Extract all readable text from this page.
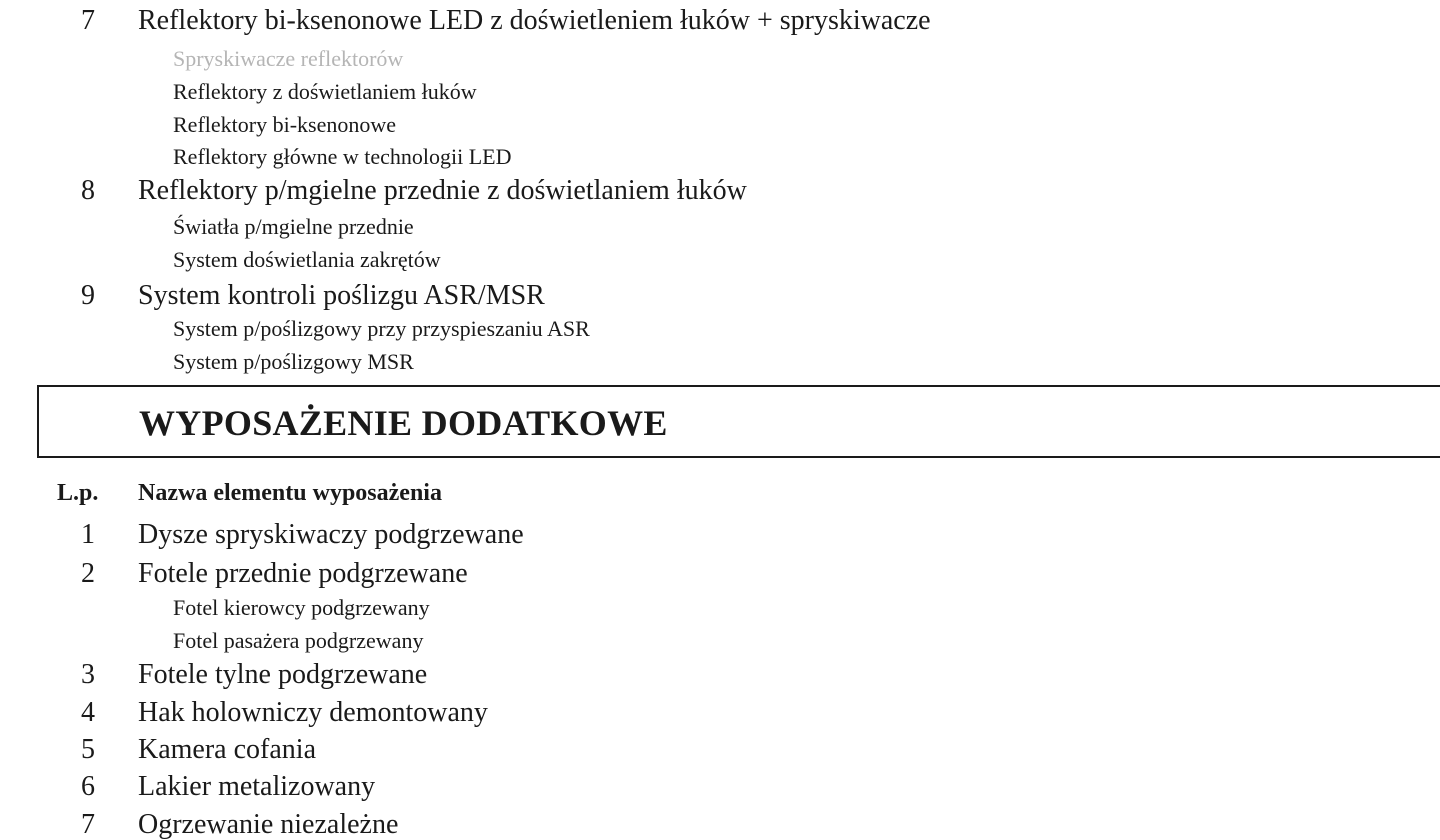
7	Reflektory bi-ksenonowe LED z doświetleniem łuków + spryskiwacze
Spryskiwacze reflektorów
Reflektory z doświetlaniem łuków
Reflektory bi-ksenonowe
Reflektory główne w technologii LED
8	Reflektory p/mgielne przednie z doświetlaniem łuków
Światła p/mgielne przednie
System doświetlania zakrętów
9	System kontroli poślizgu ASR/MSR
System p/poślizgowy przy przyspieszaniu ASR
System p/poślizgowy MSR
WYPOSAŻENIE DODATKOWE
L.p. Nazwa elementu wyposażenia
1	Dysze spryskiwaczy podgrzewane
2	Fotele przednie podgrzewane
Fotel kierowcy podgrzewany
Fotel pasażera podgrzewany
3	Fotele tylne podgrzewane
4	Hak holowniczy demontowany
5	Kamera cofania
6	Lakier metalizowany
7	Ogrzewanie niezależne
